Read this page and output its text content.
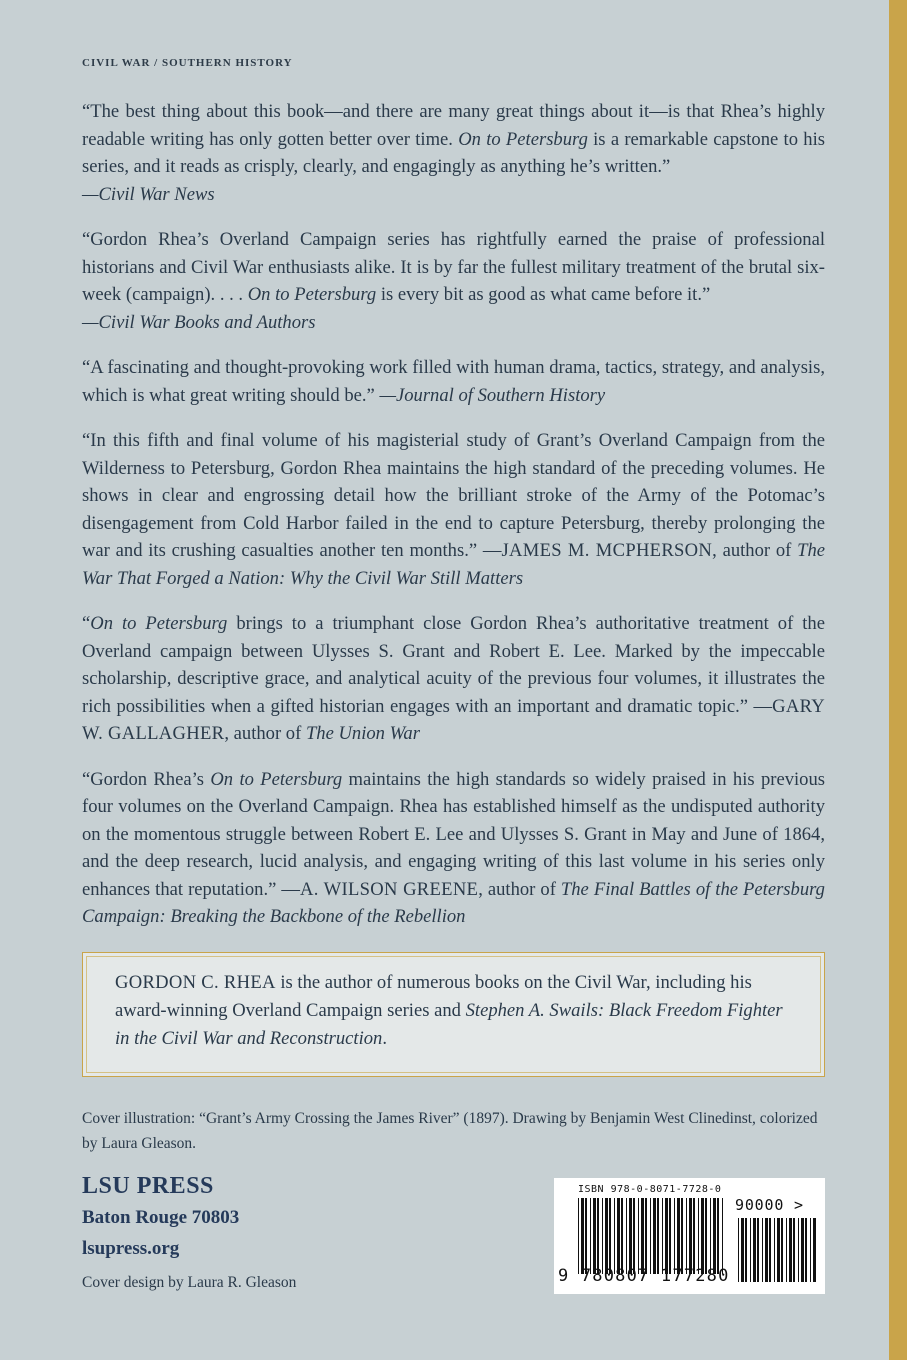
CIVIL WAR / SOUTHERN HISTORY

“The best thing about this book—and there are many great things about it—is that Rhea’s highly readable writing has only gotten better over time. On to Petersburg is a remarkable capstone to his series, and it reads as crisply, clearly, and engagingly as anything he’s written.”
—Civil War News

“Gordon Rhea’s Overland Campaign series has rightfully earned the praise of professional historians and Civil War enthusiasts alike. It is by far the fullest military treatment of the brutal six-week (campaign). . . . On to Petersburg is every bit as good as what came before it.”
—Civil War Books and Authors

“A fascinating and thought-provoking work filled with human drama, tactics, strategy, and analysis, which is what great writing should be.” —Journal of Southern History

“In this fifth and final volume of his magisterial study of Grant’s Overland Campaign from the Wilderness to Petersburg, Gordon Rhea maintains the high standard of the preceding volumes. He shows in clear and engrossing detail how the brilliant stroke of the Army of the Potomac’s disengagement from Cold Harbor failed in the end to capture Petersburg, thereby prolonging the war and its crushing casualties another ten months.” —JAMES M. MCPHERSON, author of The War That Forged a Nation: Why the Civil War Still Matters

“On to Petersburg brings to a triumphant close Gordon Rhea’s authoritative treatment of the Overland campaign between Ulysses S. Grant and Robert E. Lee. Marked by the impeccable scholarship, descriptive grace, and analytical acuity of the previous four volumes, it illustrates the rich possibilities when a gifted historian engages with an important and dramatic topic.” —GARY W. GALLAGHER, author of The Union War

“Gordon Rhea’s On to Petersburg maintains the high standards so widely praised in his previous four volumes on the Overland Campaign. Rhea has established himself as the undisputed authority on the momentous struggle between Robert E. Lee and Ulysses S. Grant in May and June of 1864, and the deep research, lucid analysis, and engaging writing of this last volume in his series only enhances that reputation.” —A. WILSON GREENE, author of The Final Battles of the Petersburg Campaign: Breaking the Backbone of the Rebellion

GORDON C. RHEA is the author of numerous books on the Civil War, including his award-winning Overland Campaign series and Stephen A. Swails: Black Freedom Fighter in the Civil War and Reconstruction.
Cover illustration: “Grant’s Army Crossing the James River” (1897). Drawing by Benjamin West Clinedinst, colorized by Laura Gleason.
LSU PRESS
Baton Rouge 70803
lsupress.org
Cover design by Laura R. Gleason
ISBN 978-0-8071-7728-0
9 780807 177280
90000 >
